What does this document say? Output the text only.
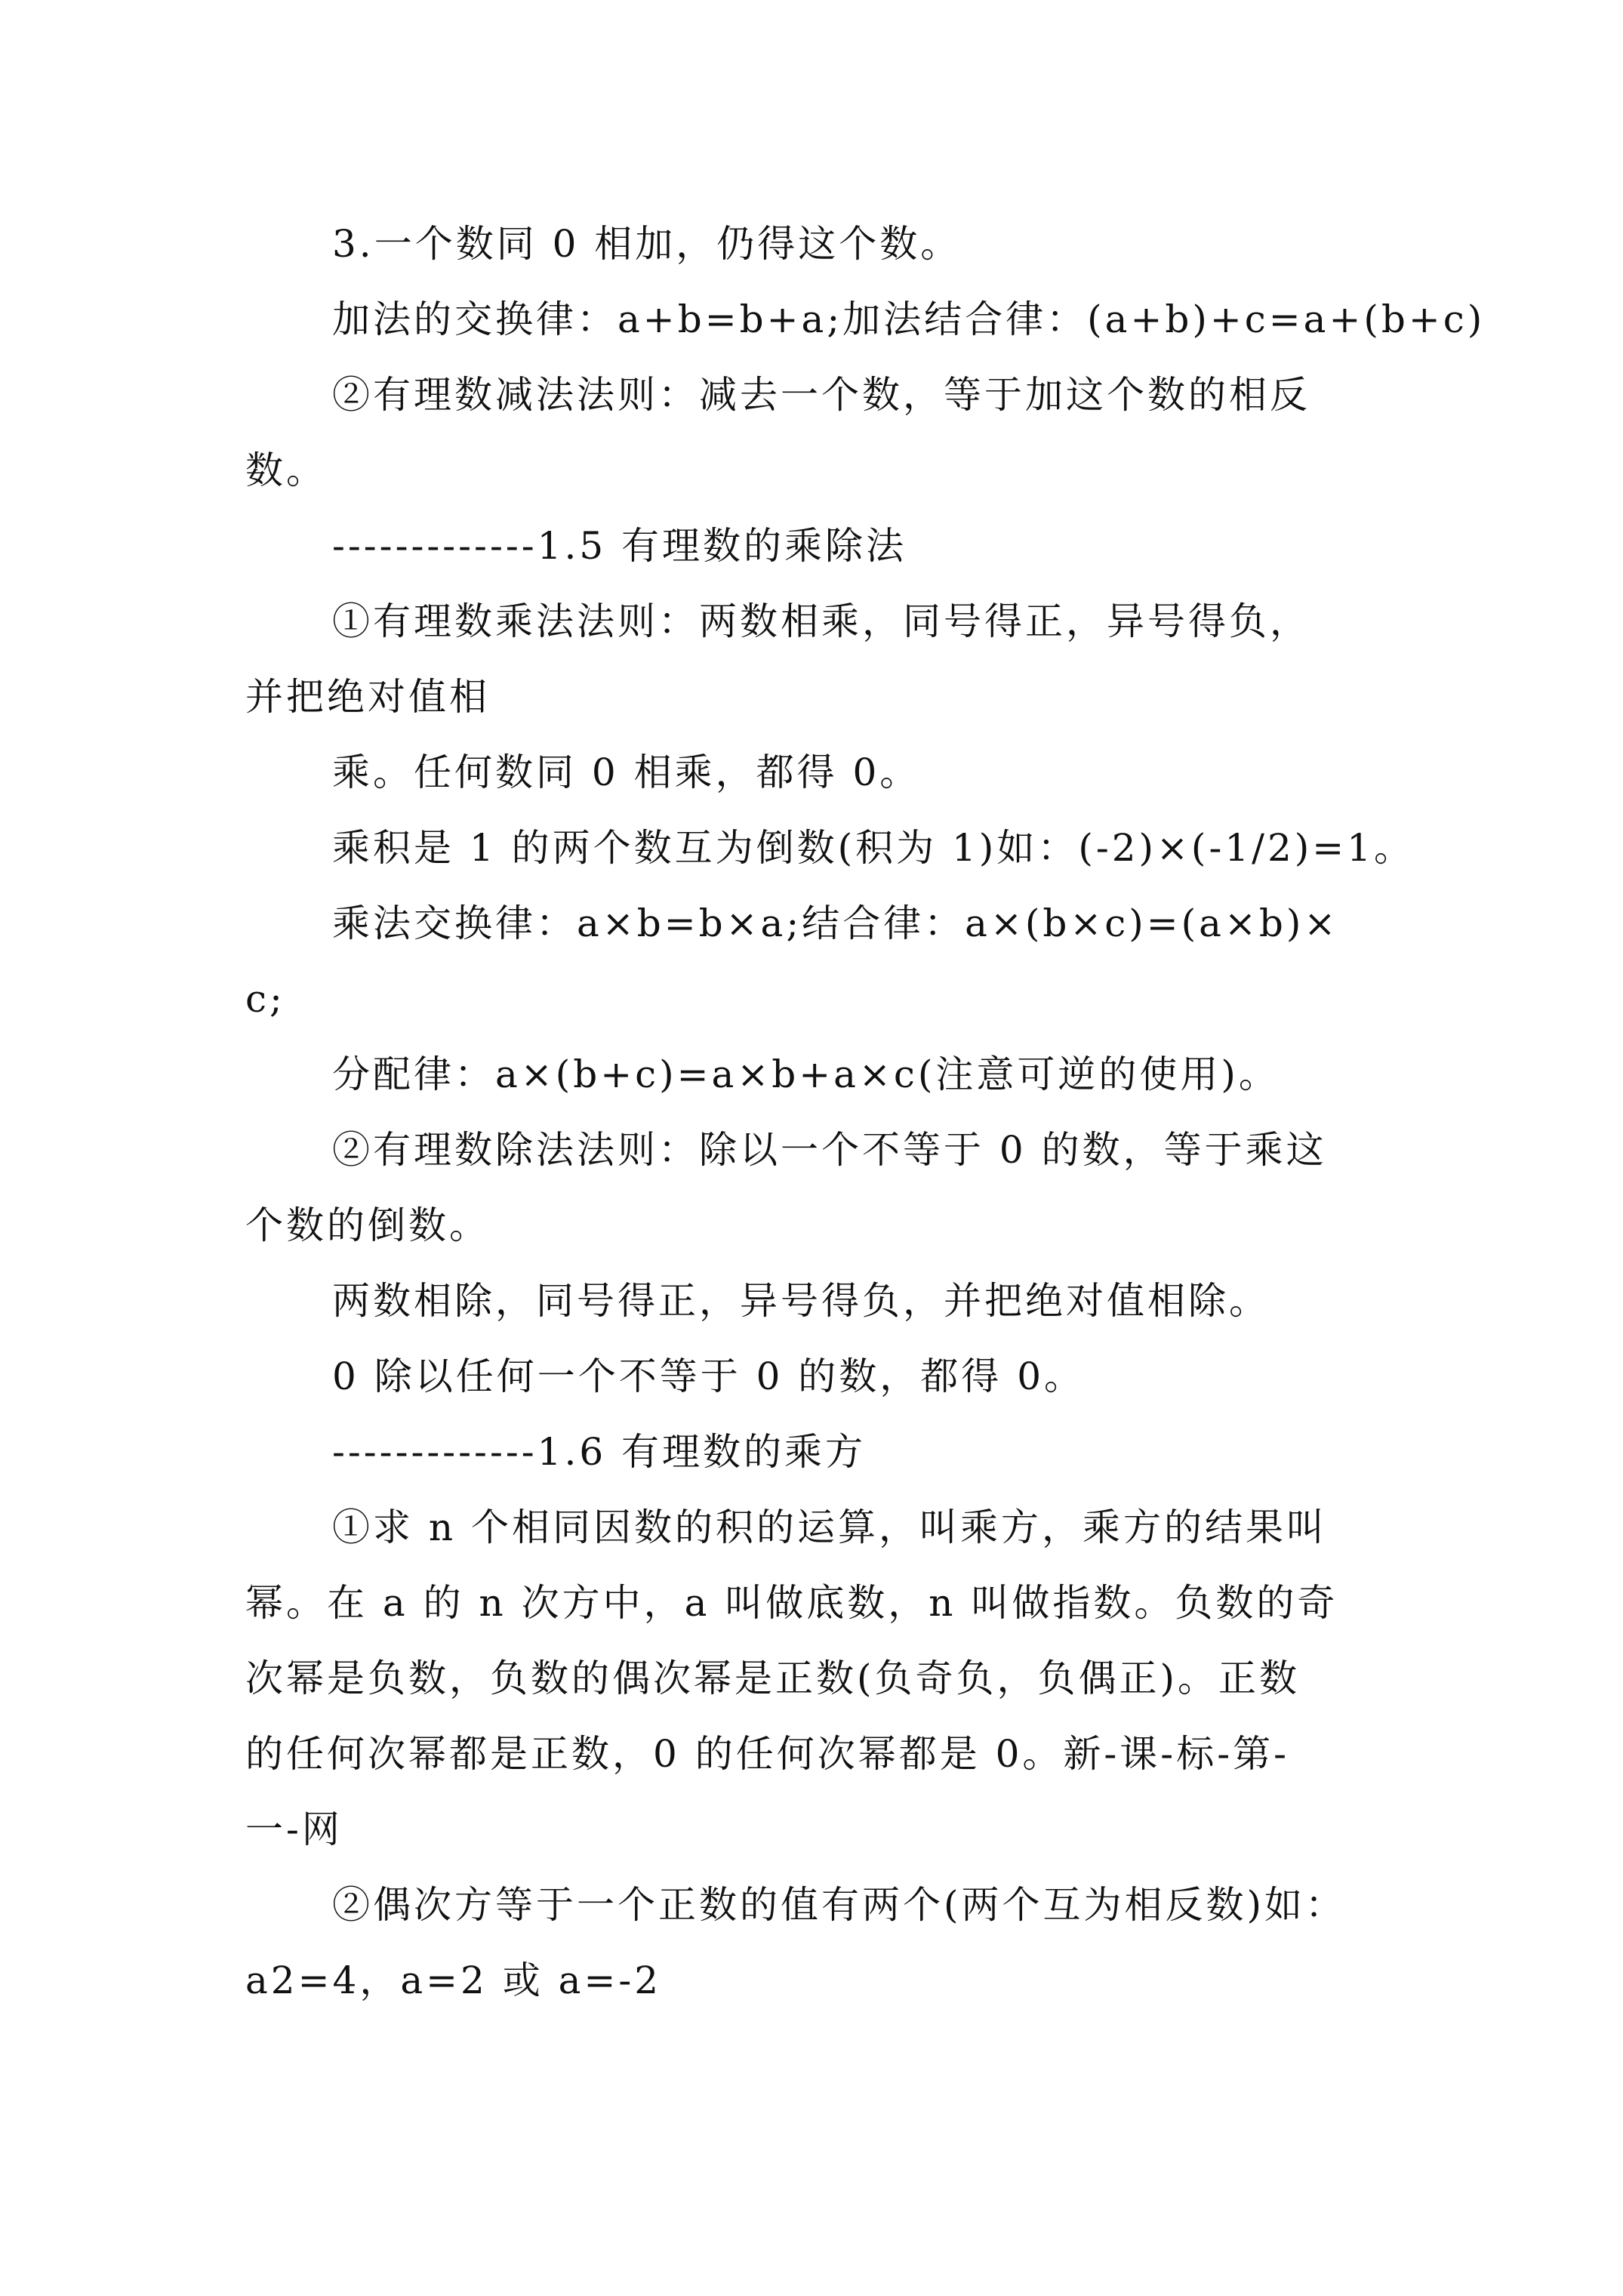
3.一个数同 0 相加，仍得这个数。
加法的交换律：a+b=b+a;加法结合律：(a+b)+c=a+(b+c)
②有理数减法法则：减去一个数，等于加这个数的相反
数。
-------------1.5 有理数的乘除法
①有理数乘法法则：两数相乘，同号得正，异号得负，
并把绝对值相
乘。任何数同 0 相乘，都得 0。
乘积是 1 的两个数互为倒数(积为 1)如：(-2)×(-1/2)=1。
乘法交换律：a×b=b×a;结合律：a×(b×c)=(a×b)×
c;
分配律：a×(b+c)=a×b+a×c(注意可逆的使用)。
②有理数除法法则：除以一个不等于 0 的数，等于乘这
个数的倒数。
两数相除，同号得正，异号得负，并把绝对值相除。
0 除以任何一个不等于 0 的数，都得 0。
-------------1.6 有理数的乘方
①求 n 个相同因数的积的运算，叫乘方，乘方的结果叫
幂。在 a 的 n 次方中，a 叫做底数，n 叫做指数。负数的奇
次幂是负数，负数的偶次幂是正数(负奇负，负偶正)。正数
的任何次幂都是正数，0 的任何次幂都是 0。新-课-标-第-
一-网
②偶次方等于一个正数的值有两个(两个互为相反数)如：
a2=4，a=2 或 a=-2
